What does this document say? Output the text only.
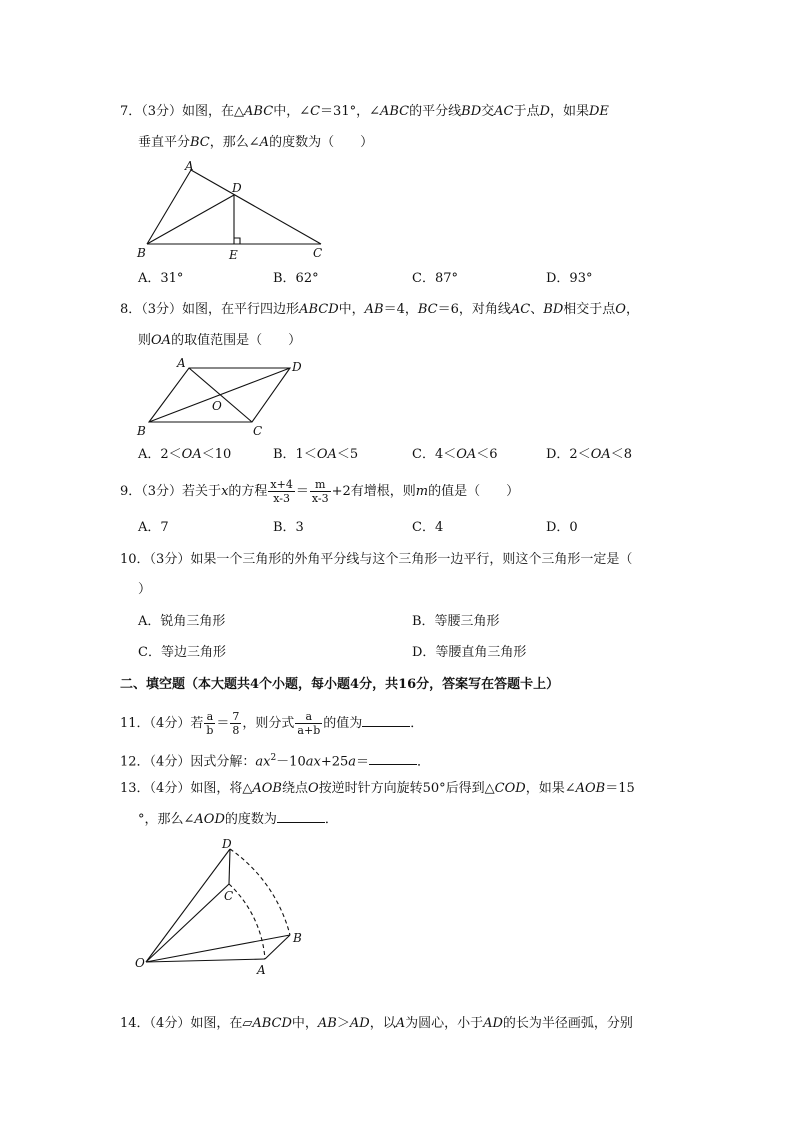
7．（3分）如图，在△ABC中，∠C＝31°，∠ABC的平分线BD交AC于点D，如果DE
垂直平分BC，那么∠A的度数为（　　）
A
D
B	E	C
A．31°	B．62°	C．87°	D．93°
8．（3分）如图，在平行四边形ABCD中，AB＝4，BC＝6，对角线AC、BD相交于点O，
则OA的取值范围是（　　）
A	D
O
B	C
A．2＜OA＜10	B．1＜OA＜5	C．4＜OA＜6	D．2＜OA＜8
9．（3分）若关于x的方程 $\frac{x+4}{x-3} = \frac{m}{x-3} +2$有增根，则m的值是（　　）
A．7	B．3	C．4	D．0
10．（3分）如果一个三角形的外角平分线与这个三角形一边平行，则这个三角形一定是（
）
A．锐角三角形	B．等腰三角形
C．等边三角形	D．等腰直角三角形
二、填空题（本大题共4个小题，每小题4分，共16分，答案写在答题卡上）
11．（4分）若 $\frac{a}{b} = \frac{7}{8}$ ，则分式 $\frac{a}{a+b}$ 的值为	．
12．（4分）因式分解：$ax^2-10ax+25a=$	．
13．（4分）如图，将△AOB绕点O按逆时针方向旋转50°后得到△COD，如果∠AOB＝15
°，那么∠AOD的度数为	．
D
C
B
O	A
14．（4分）如图，在▱ABCD中，AB＞AD，以A为圆心，小于AD的长为半径画弧，分别
